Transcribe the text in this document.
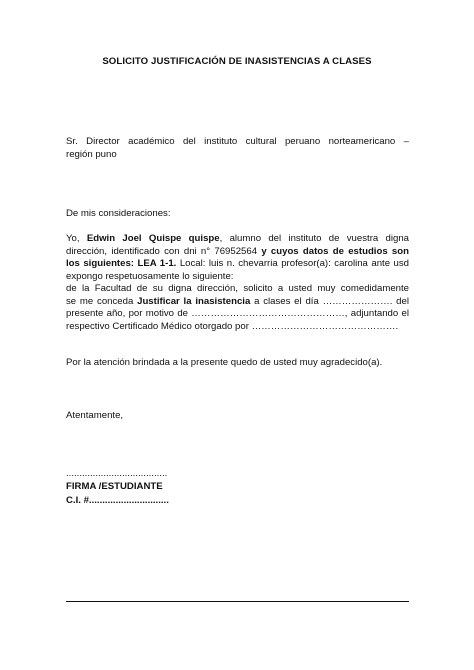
SOLICITO JUSTIFICACIÓN DE INASISTENCIAS A CLASES
Sr. Director académico del instituto cultural peruano norteamericano –
región puno
De mis consideraciones:
Yo, Edwin Joel Quispe quispe, alumno del instituto de vuestra digna
dirección, identificado con dni n° 76952564 y cuyos datos de estudios son
los siguientes: LEA 1-1. Local: luis n. chevarria profesor(a): carolina ante usd
expongo respetuosamente lo siguiente:
de la Facultad de su digna dirección, solicito a usted muy comedidamente
se me conceda Justificar la inasistencia a clases el día …………………. del
presente año, por motivo de …………………………………………, adjuntando el
respectivo Certificado Médico otorgado por ……………………………………….
Por la atención brindada a la presente quedo de usted muy agradecido(a).
Atentamente,
......................................
FIRMA /ESTUDIANTE
C.I. #..............................
